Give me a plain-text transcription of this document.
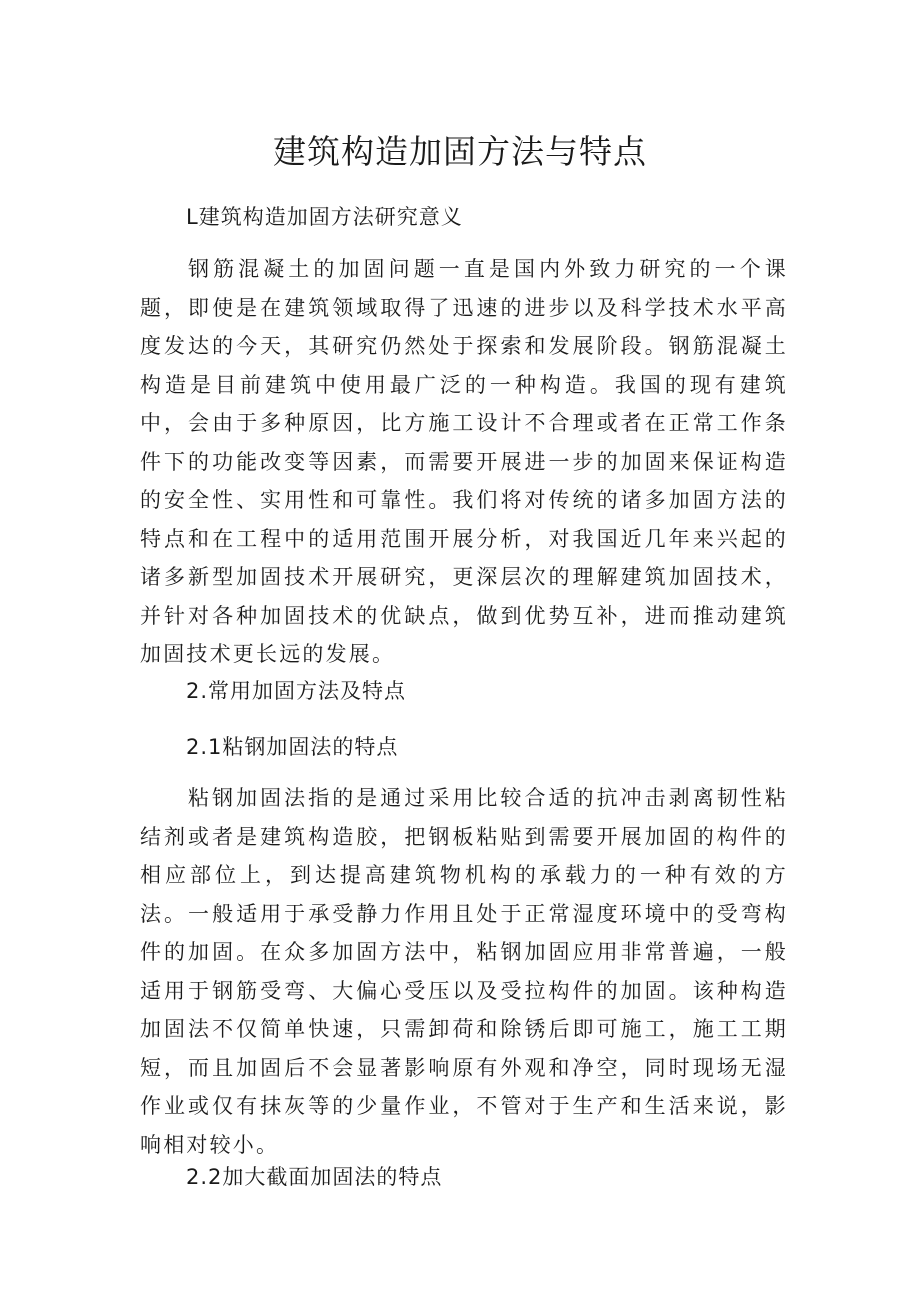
建筑构造加固方法与特点
L建筑构造加固方法研究意义

钢筋混凝土的加固问题一直是国内外致力研究的一个课题，即使是在建筑领域取得了迅速的进步以及科学技术水平高度发达的今天，其研究仍然处于探索和发展阶段。钢筋混凝土构造是目前建筑中使用最广泛的一种构造。我国的现有建筑中，会由于多种原因，比方施工设计不合理或者在正常工作条件下的功能改变等因素，而需要开展进一步的加固来保证构造的安全性、实用性和可靠性。我们将对传统的诸多加固方法的特点和在工程中的适用范围开展分析，对我国近几年来兴起的诸多新型加固技术开展研究，更深层次的理解建筑加固技术，并针对各种加固技术的优缺点，做到优势互补，进而推动建筑加固技术更长远的发展。

2.常用加固方法及特点
2.1粘钢加固法的特点

粘钢加固法指的是通过采用比较合适的抗冲击剥离韧性粘结剂或者是建筑构造胶，把钢板粘贴到需要开展加固的构件的相应部位上，到达提高建筑物机构的承载力的一种有效的方法。一般适用于承受静力作用且处于正常湿度环境中的受弯构件的加固。在众多加固方法中，粘钢加固应用非常普遍，一般适用于钢筋受弯、大偏心受压以及受拉构件的加固。该种构造加固法不仅简单快速，只需卸荷和除锈后即可施工，施工工期短，而且加固后不会显著影响原有外观和净空，同时现场无湿作业或仅有抹灰等的少量作业，不管对于生产和生活来说，影响相对较小。

2.2加大截面加固法的特点
